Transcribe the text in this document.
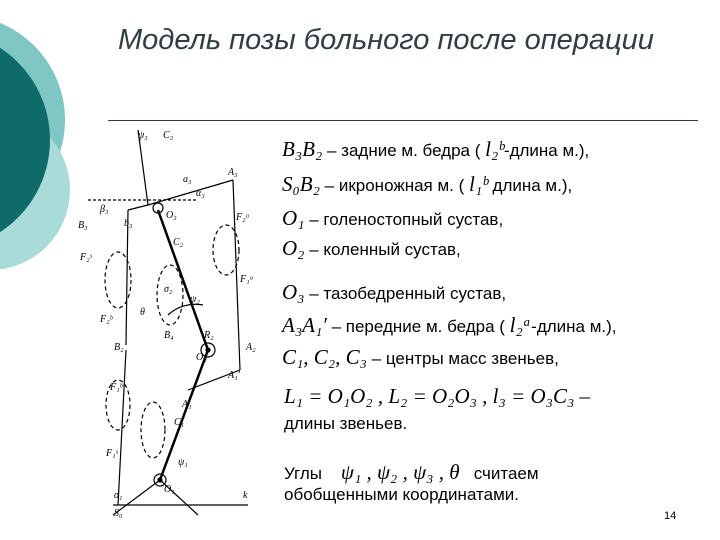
Модель позы больного после операции
ψ₃ C₃
A₃
a₃
α₃
β₃
B₃	b₃
O₃	F₂ᵃ
C₂
F₂ˢ
F₁ᵃ
σ₂
ψ₂
F₂ᵇ
θ
R₂
B₄
O₂
B₂	A₂
A₁′
F₁ᵇ
A₁
C₁
F₁ˢ
ψ₁
σ₁
O₁
S₀
k
B₃B₂ – задние м. бедра ( l₂ᵇ-длина м.),
S₀B₂ – икроножная м. ( l₁ᵇ длина м.),
O₁ – голеностопный сустав,
O₂ – коленный сустав,
O₃ – тазобедренный сустав,
A₃A₁′ – передние м. бедра ( l₂ᵃ-длина м.),
C₁, C₂, C₃ – центры масс звеньев,
L₁ = O₁O₂ , L₂ = O₂O₃ , l₃ = O₃C₃ –
длины звеньев.
Углы ψ₁ , ψ₂ , ψ₃ , θ считаем
обобщенными координатами.
14
